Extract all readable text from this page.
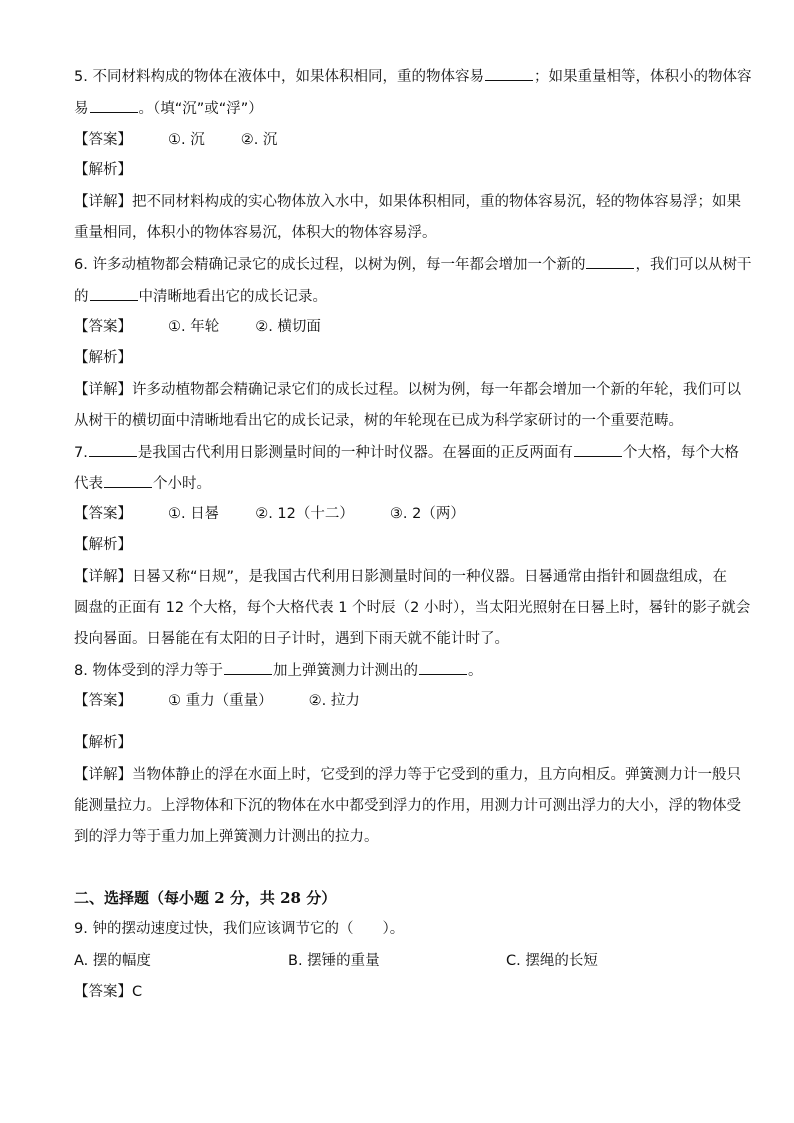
5. 不同材料构成的物体在液体中，如果体积相同，重的物体容易	；如果重量相等，体积小的物体容
易	。（填“沉”或“浮”）
【答案】 ①. 沉 ②. 沉
【解析】
【详解】把不同材料构成的实心物体放入水中，如果体积相同，重的物体容易沉，轻的物体容易浮；如果
重量相同，体积小的物体容易沉，体积大的物体容易浮。
6. 许多动植物都会精确记录它的成长过程，以树为例，每一年都会增加一个新的	，我们可以从树干
的	中清晰地看出它的成长记录。
【答案】 ①. 年轮 ②. 横切面
【解析】
【详解】许多动植物都会精确记录它们的成长过程。以树为例，每一年都会增加一个新的年轮，我们可以
从树干的横切面中清晰地看出它的成长记录，树的年轮现在已成为科学家研讨的一个重要范畴。
7.	是我国古代利用日影测量时间的一种计时仪器。在晷面的正反两面有	个大格，每个大格
代表	个小时。
【答案】 ①. 日晷 ②. 12（十二） ③. 2（两）
【解析】
【详解】日晷又称“日规”，是我国古代利用日影测量时间的一种仪器。日晷通常由指针和圆盘组成，在
圆盘的正面有 12 个大格，每个大格代表 1 个时辰（2 小时），当太阳光照射在日晷上时，晷针的影子就会
投向晷面。日晷能在有太阳的日子计时，遇到下雨天就不能计时了。
8. 物体受到的浮力等于	加上弹簧测力计测出的	。
【答案】 ① 重力（重量） ②. 拉力
【解析】
【详解】当物体静止的浮在水面上时，它受到的浮力等于它受到的重力，且方向相反。弹簧测力计一般只
能测量拉力。上浮物体和下沉的物体在水中都受到浮力的作用，用测力计可测出浮力的大小，浮的物体受
到的浮力等于重力加上弹簧测力计测出的拉力。
二、选择题（每小题 2 分，共 28 分）
9. 钟的摆动速度过快，我们应该调节它的（　　）。
A. 摆的幅度	B. 摆锤的重量	C. 摆绳的长短
【答案】C
